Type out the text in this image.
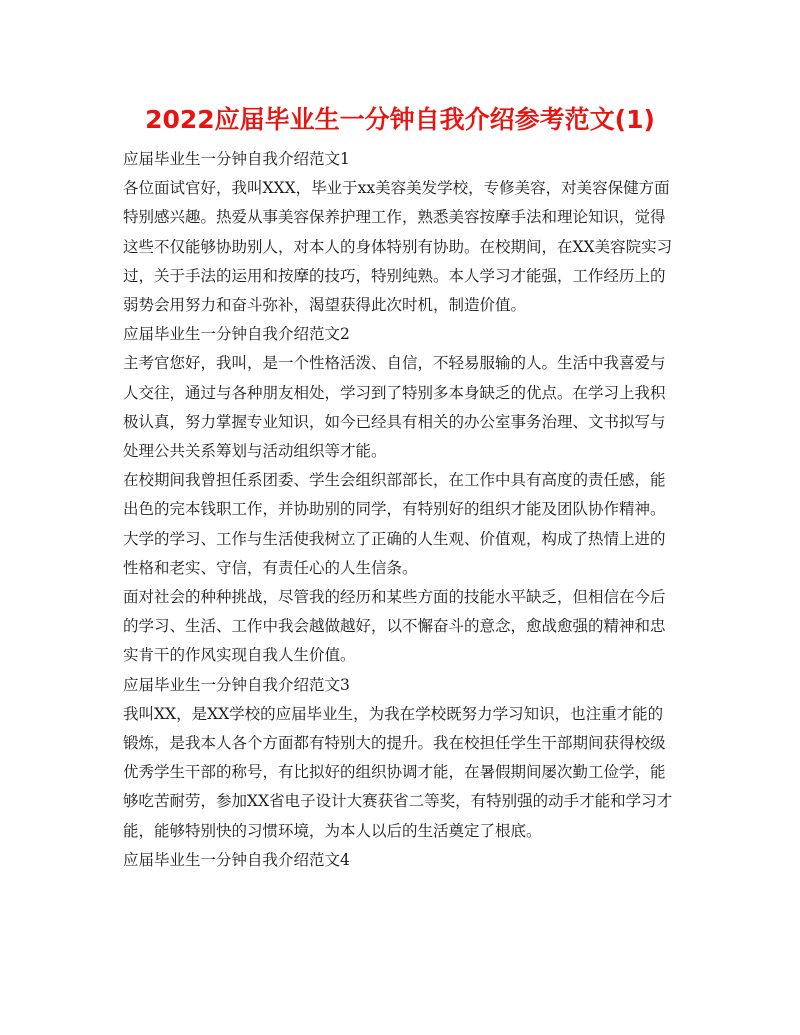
2022应届毕业生一分钟自我介绍参考范文(1)

应届毕业生一分钟自我介绍范文1

各位面试官好，我叫XXX，毕业于xx美容美发学校，专修美容，对美容保健方面特别感兴趣。热爱从事美容保养护理工作，熟悉美容按摩手法和理论知识，觉得这些不仅能够协助别人，对本人的身体特别有协助。在校期间，在XX美容院实习过，关于手法的运用和按摩的技巧，特别纯熟。本人学习才能强，工作经历上的弱势会用努力和奋斗弥补，渴望获得此次时机，制造价值。

应届毕业生一分钟自我介绍范文2

主考官您好，我叫，是一个性格活泼、自信，不轻易服输的人。生活中我喜爱与人交往，通过与各种朋友相处，学习到了特别多本身缺乏的优点。在学习上我积极认真，努力掌握专业知识，如今已经具有相关的办公室事务治理、文书拟写与处理公共关系筹划与活动组织等才能。

在校期间我曾担任系团委、学生会组织部部长，在工作中具有高度的责任感，能出色的完本钱职工作，并协助别的同学，有特别好的组织才能及团队协作精神。大学的学习、工作与生活使我树立了正确的人生观、价值观，构成了热情上进的性格和老实、守信，有责任心的人生信条。

面对社会的种种挑战，尽管我的经历和某些方面的技能水平缺乏，但相信在今后的学习、生活、工作中我会越做越好，以不懈奋斗的意念，愈战愈强的精神和忠实肯干的作风实现自我人生价值。

应届毕业生一分钟自我介绍范文3

我叫XX，是XX学校的应届毕业生，为我在学校既努力学习知识，也注重才能的锻炼，是我本人各个方面都有特别大的提升。我在校担任学生干部期间获得校级优秀学生干部的称号，有比拟好的组织协调才能，在暑假期间屡次勤工俭学，能够吃苦耐劳，参加XX省电子设计大赛获省二等奖，有特别强的动手才能和学习才能，能够特别快的习惯环境，为本人以后的生活奠定了根底。

应届毕业生一分钟自我介绍范文4
